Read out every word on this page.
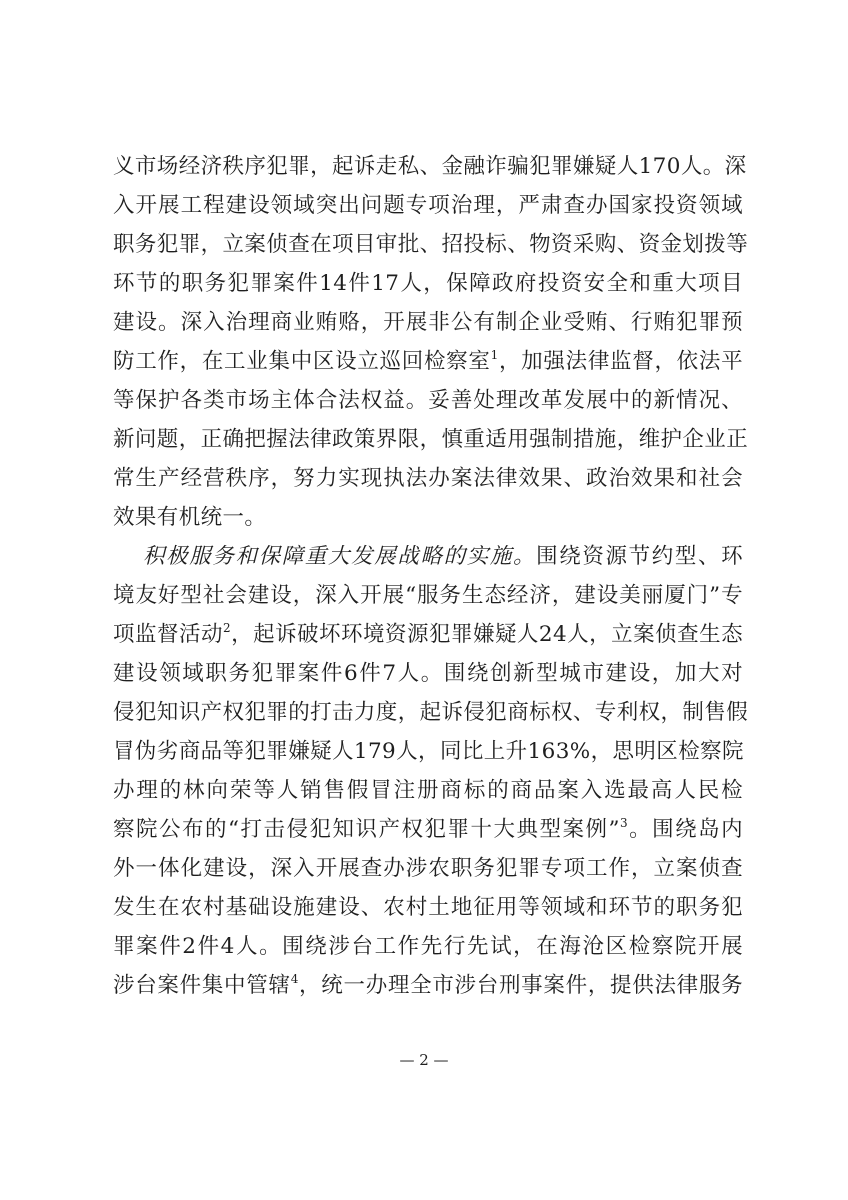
义市场经济秩序犯罪，起诉走私、金融诈骗犯罪嫌疑人170人。深
入开展工程建设领域突出问题专项治理，严肃查办国家投资领域
职务犯罪，立案侦查在项目审批、招投标、物资采购、资金划拨等
环节的职务犯罪案件14件17人，保障政府投资安全和重大项目
建设。深入治理商业贿赂，开展非公有制企业受贿、行贿犯罪预
防工作，在工业集中区设立巡回检察室$^1$，加强法律监督，依法平
等保护各类市场主体合法权益。妥善处理改革发展中的新情况、
新问题，正确把握法律政策界限，慎重适用强制措施，维护企业正
常生产经营秩序，努力实现执法办案法律效果、政治效果和社会
效果有机统一。
积极服务和保障重大发展战略的实施。围绕资源节约型、环
境友好型社会建设，深入开展“服务生态经济，建设美丽厦门”专
项监督活动$^2$，起诉破坏环境资源犯罪嫌疑人24人，立案侦查生态
建设领域职务犯罪案件6件7人。围绕创新型城市建设，加大对
侵犯知识产权犯罪的打击力度，起诉侵犯商标权、专利权，制售假
冒伪劣商品等犯罪嫌疑人179人，同比上升163%，思明区检察院
办理的林向荣等人销售假冒注册商标的商品案入选最高人民检
察院公布的“打击侵犯知识产权犯罪十大典型案例”$^3$。围绕岛内
外一体化建设，深入开展查办涉农职务犯罪专项工作，立案侦查
发生在农村基础设施建设、农村土地征用等领域和环节的职务犯
罪案件2件4人。围绕涉台工作先行先试，在海沧区检察院开展
涉台案件集中管辖$^4$，统一办理全市涉台刑事案件，提供法律服务
— 2 —
